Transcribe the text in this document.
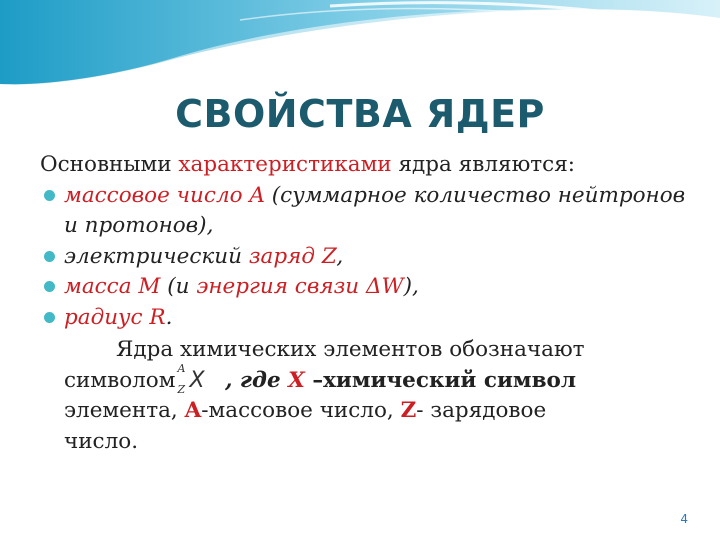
СВОЙСТВА ЯДЕР
Основными характеристиками ядра являются:
массовое число A (суммарное количество нейтронов и протонов),
электрический заряд Z,
масса M (и энергия связи ΔW),
радиус R.
Ядра химических элементов обозначают
символом A
Z X , где X –химический символ
элемента, A-массовое число, Z- зарядовое
число.
4
